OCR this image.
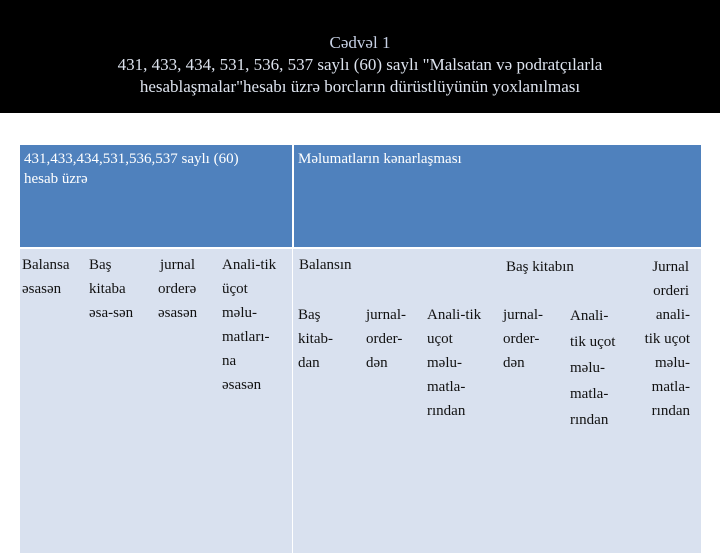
Cədvəl 1
431, 433, 434, 531, 536, 537 saylı (60) saylı "Malsatan və podratçılarla
hesablaşmalar"hesabı üzrə borcların dürüstlüyünün yoxlanılması
431,433,434,531,536,537 saylı (60)
hesab üzrə
Məlumatların kənarlaşması
Balansa
əsasən
Baş
kitaba
əsa-sən
jurnal
orderə
əsasən
Anali-tik
üçot
məlu-
matları-
na
əsasən
Balansın	Baş kitabın	Jurnal
orderi
Baş
kitab-
dan
jurnal-
order-
dən
Anali-tik
uçot
məlu-
matla-
rından
jurnal-
order-
dən
Anali-
tik uçot
məlu-
matla-
rından
anali-
tik uçot
məlu-
matla-
rından
